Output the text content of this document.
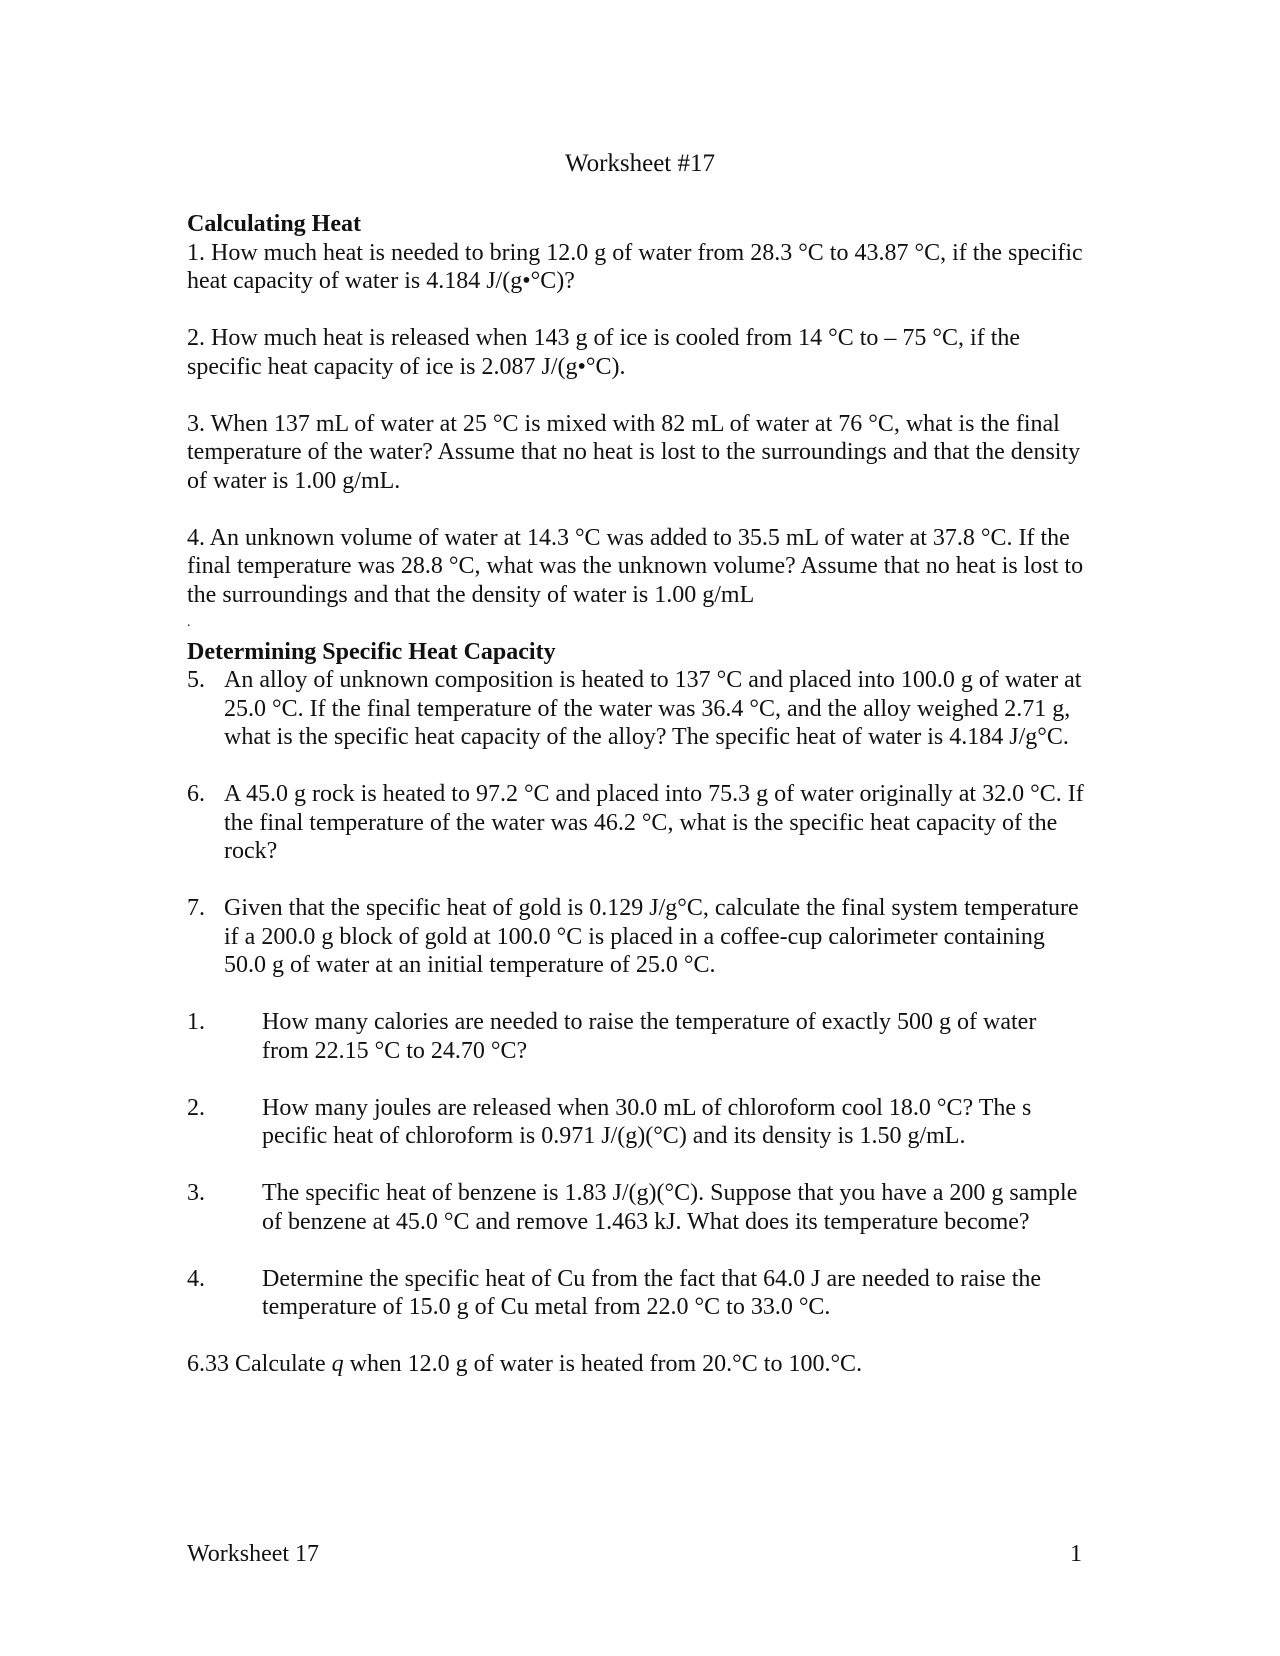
Worksheet #17

Calculating Heat

1. How much heat is needed to bring 12.0 g of water from 28.3 °C to 43.87 °C, if the specific heat capacity of water is 4.184 J/(g•°C)?

2. How much heat is released when 143 g of ice is cooled from 14 °C to – 75 °C, if the specific heat capacity of ice is 2.087 J/(g•°C).

3. When 137 mL of water at 25 °C is mixed with 82 mL of water at 76 °C, what is the final temperature of the water? Assume that no heat is lost to the surroundings and that the density of water is 1.00 g/mL.

4. An unknown volume of water at 14.3 °C was added to 35.5 mL of water at 37.8 °C. If the final temperature was 28.8 °C, what was the unknown volume? Assume that no heat is lost to the surroundings and that the density of water is 1.00 g/mL

.

Determining Specific Heat Capacity

5. An alloy of unknown composition is heated to 137 °C and placed into 100.0 g of water at 25.0 °C. If the final temperature of the water was 36.4 °C, and the alloy weighed 2.71 g, what is the specific heat capacity of the alloy? The specific heat of water is 4.184 J/g°C.
6. A 45.0 g rock is heated to 97.2 °C and placed into 75.3 g of water originally at 32.0 °C. If the final temperature of the water was 46.2 °C, what is the specific heat capacity of the rock?
7. Given that the specific heat of gold is 0.129 J/g°C, calculate the final system temperature if a 200.0 g block of gold at 100.0 °C is placed in a coffee-cup calorimeter containing 50.0 g of water at an initial temperature of 25.0 °C.
1.	How many calories are needed to raise the temperature of exactly 500 g of water from 22.15 °C to 24.70 °C?
2.	How many joules are released when 30.0 mL of chloroform cool 18.0 °C? The s pecific heat of chloroform is 0.971 J/(g)(°C) and its density is 1.50 g/mL.
3.	The specific heat of benzene is 1.83 J/(g)(°C). Suppose that you have a 200 g sample of benzene at 45.0 °C and remove 1.463 kJ. What does its temperature become?
4.	Determine the specific heat of Cu from the fact that 64.0 J are needed to raise the temperature of 15.0 g of Cu metal from 22.0 °C to 33.0 °C.

6.33 Calculate q when 12.0 g of water is heated from 20.°C to 100.°C.

Worksheet 17	1
